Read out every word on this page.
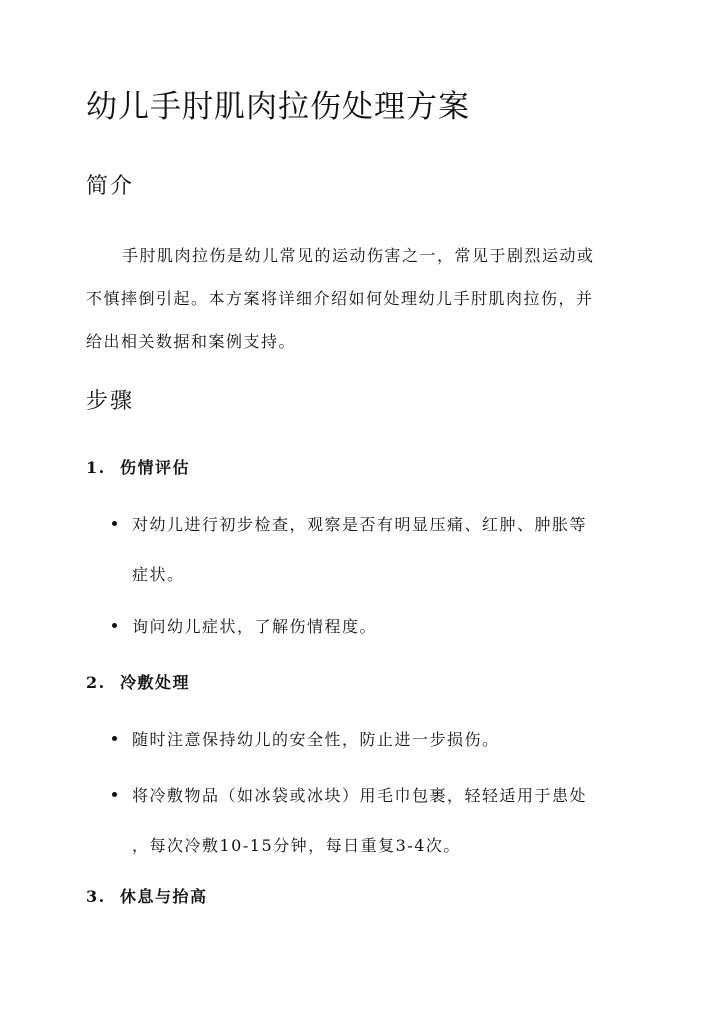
幼儿手肘肌肉拉伤处理方案
简介

手肘肌肉拉伤是幼儿常见的运动伤害之一，常见于剧烈运动或
不慎摔倒引起。本方案将详细介绍如何处理幼儿手肘肌肉拉伤，并
给出相关数据和案例支持。

步骤
1. 伤情评估
对幼儿进行初步检查，观察是否有明显压痛、红肿、肿胀等
症状。
询问幼儿症状，了解伤情程度。
2. 冷敷处理
随时注意保持幼儿的安全性，防止进一步损伤。
将冷敷物品（如冰袋或冰块）用毛巾包裹，轻轻适用于患处
，每次冷敷10-15分钟，每日重复3-4次。
3. 休息与抬高
